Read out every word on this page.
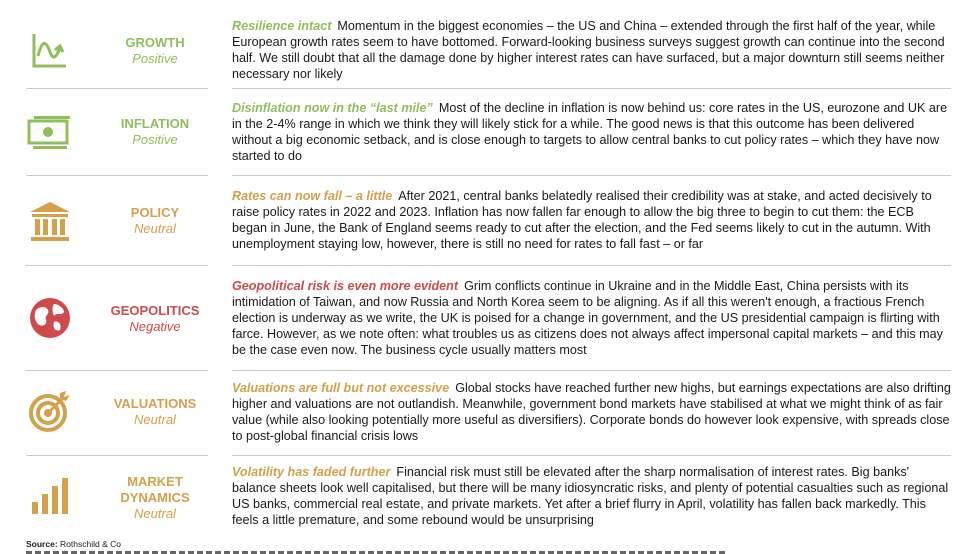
GROWTH
Positive
Resilience intact Momentum in the biggest economies – the US and China – extended through the first half of the year, while European growth rates seem to have bottomed. Forward-looking business surveys suggest growth can continue into the second half. We still doubt that all the damage done by higher interest rates can have surfaced, but a major downturn still seems neither necessary nor likely
INFLATION
Positive
Disinflation now in the “last mile” Most of the decline in inflation is now behind us: core rates in the US, eurozone and UK are in the 2-4% range in which we think they will likely stick for a while. The good news is that this outcome has been delivered without a big economic setback, and is close enough to targets to allow central banks to cut policy rates – which they have now started to do
POLICY
Neutral
Rates can now fall – a little After 2021, central banks belatedly realised their credibility was at stake, and acted decisively to raise policy rates in 2022 and 2023. Inflation has now fallen far enough to allow the big three to begin to cut them: the ECB began in June, the Bank of England seems ready to cut after the election, and the Fed seems likely to cut in the autumn. With unemployment staying low, however, there is still no need for rates to fall fast – or far
GEOPOLITICS
Negative
Geopolitical risk is even more evident Grim conflicts continue in Ukraine and in the Middle East, China persists with its intimidation of Taiwan, and now Russia and North Korea seem to be aligning. As if all this weren't enough, a fractious French election is underway as we write, the UK is poised for a change in government, and the US presidential campaign is flirting with farce. However, as we note often: what troubles us as citizens does not always affect impersonal capital markets – and this may be the case even now. The business cycle usually matters most
VALUATIONS
Neutral
Valuations are full but not excessive Global stocks have reached further new highs, but earnings expectations are also drifting higher and valuations are not outlandish. Meanwhile, government bond markets have stabilised at what we might think of as fair value (while also looking potentially more useful as diversifiers). Corporate bonds do however look expensive, with spreads close to post-global financial crisis lows
MARKET DYNAMICS
Neutral
Volatility has faded further Financial risk must still be elevated after the sharp normalisation of interest rates. Big banks' balance sheets look well capitalised, but there will be many idiosyncratic risks, and plenty of potential casualties such as regional US banks, commercial real estate, and private markets. Yet after a brief flurry in April, volatility has fallen back markedly. This feels a little premature, and some rebound would be unsurprising
Source: Rothschild & Co
